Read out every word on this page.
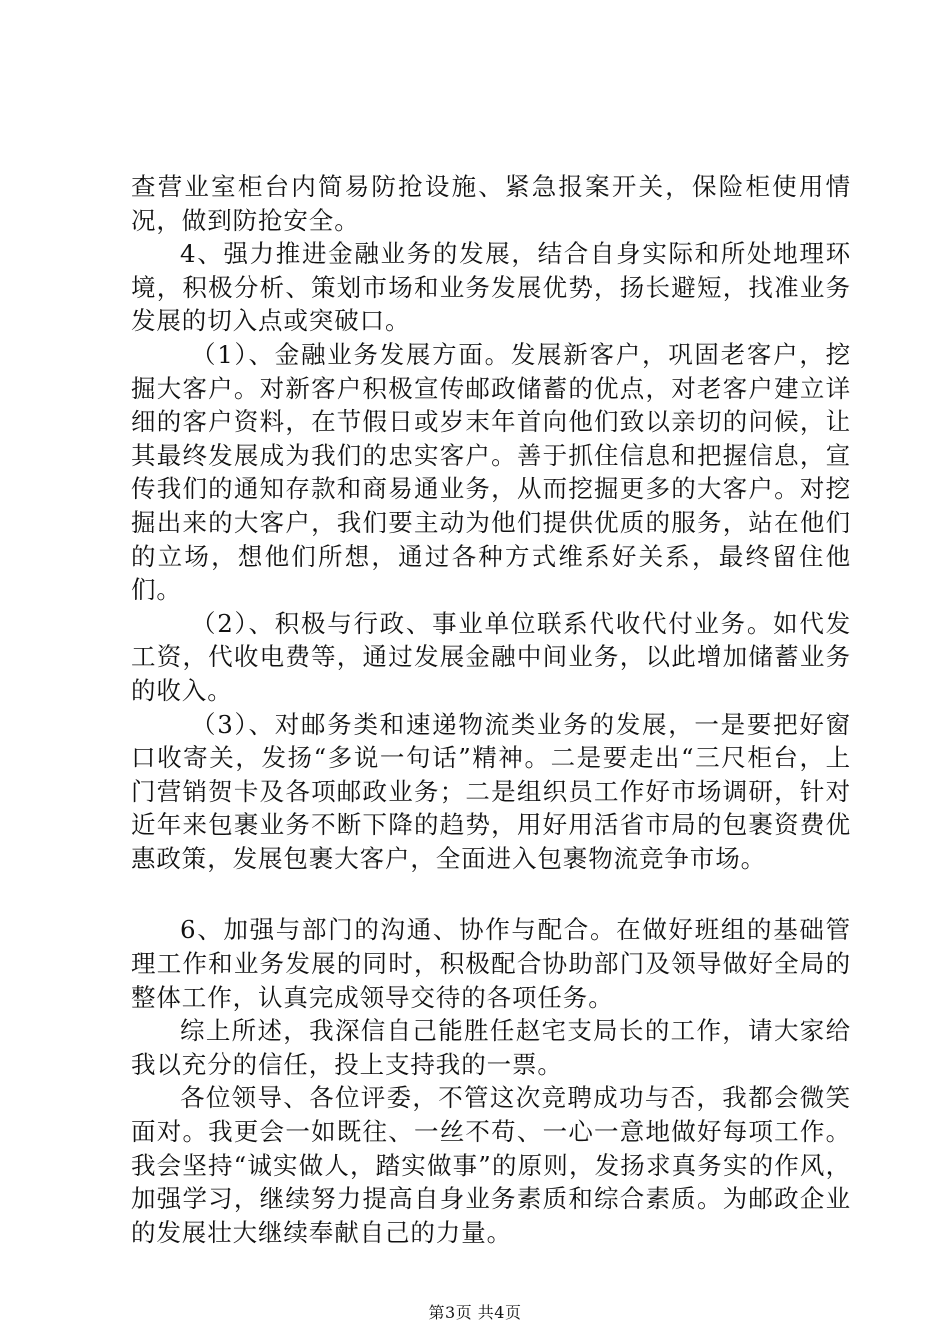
查营业室柜台内简易防抢设施、紧急报案开关，保险柜使用情况，做到防抢安全。

4、强力推进金融业务的发展，结合自身实际和所处地理环境，积极分析、策划市场和业务发展优势，扬长避短，找准业务发展的切入点或突破口。

（1）、金融业务发展方面。发展新客户，巩固老客户，挖掘大客户。对新客户积极宣传邮政储蓄的优点，对老客户建立详细的客户资料，在节假日或岁末年首向他们致以亲切的问候，让其最终发展成为我们的忠实客户。善于抓住信息和把握信息，宣传我们的通知存款和商易通业务，从而挖掘更多的大客户。对挖掘出来的大客户，我们要主动为他们提供优质的服务，站在他们的立场，想他们所想，通过各种方式维系好关系，最终留住他们。

（2）、积极与行政、事业单位联系代收代付业务。如代发工资，代收电费等，通过发展金融中间业务，以此增加储蓄业务的收入。

（3）、对邮务类和速递物流类业务的发展，一是要把好窗口收寄关，发扬“多说一句话”精神。二是要走出“三尺柜台，上门营销贺卡及各项邮政业务；二是组织员工作好市场调研，针对近年来包裹业务不断下降的趋势，用好用活省市局的包裹资费优惠政策，发展包裹大客户，全面进入包裹物流竞争市场。

6、加强与部门的沟通、协作与配合。在做好班组的基础管理工作和业务发展的同时，积极配合协助部门及领导做好全局的整体工作，认真完成领导交待的各项任务。

综上所述，我深信自己能胜任赵宅支局长的工作，请大家给我以充分的信任，投上支持我的一票。

各位领导、各位评委，不管这次竞聘成功与否，我都会微笑面对。我更会一如既往、一丝不苟、一心一意地做好每项工作。我会坚持“诚实做人，踏实做事”的原则，发扬求真务实的作风，加强学习，继续努力提高自身业务素质和综合素质。为邮政企业的发展壮大继续奉献自己的力量。

第3页 共4页
